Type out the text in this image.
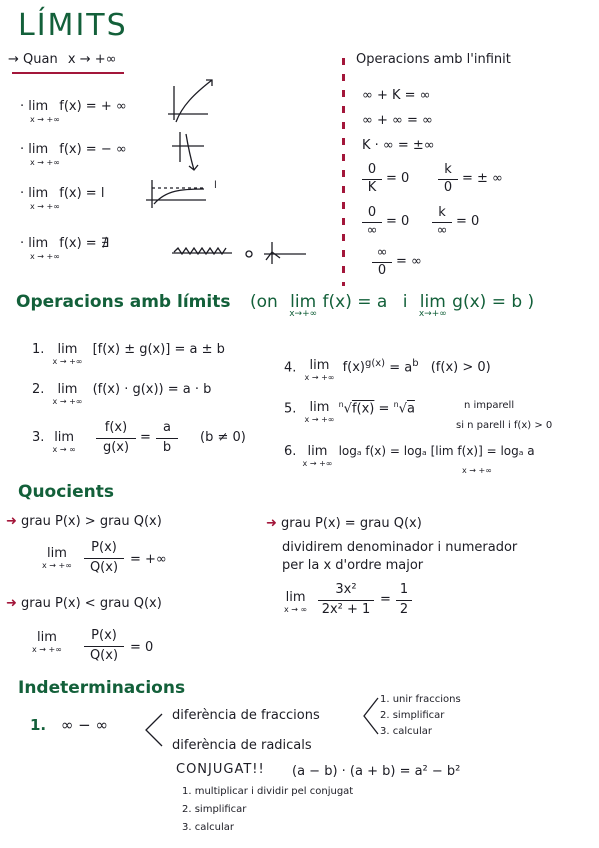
LÍMITS
→ Quan x → +∞
· lim f(x) = + ∞
x → +∞
· lim f(x) = − ∞
x → +∞
· lim f(x) = l
x → +∞
l
· lim f(x) = ∄
x → +∞
Operacions amb l'infinit
∞ + K = ∞
∞ + ∞ = ∞
K · ∞ = ±∞
0
K
= 0
k
0
= ± ∞
0
∞
= 0
k
∞
= 0
∞
0
= ∞
Operacions amb límits (on lim
x→+∞
f(x) = a i lim
x→+∞
g(x) = b )
1. lim
x → +∞
[f(x) ± g(x)] = a ± b
2. lim
x → +∞
(f(x) · g(x)) = a · b
3. lim
x → ∞
f(x)
g(x)
=
a
b
(b ≠ 0)
4. lim
x → +∞
$f(x)^{g(x)} = a^b$ (f(x) > 0)
5. lim
x → +∞
$^n$√f(x) = $^n$√a	n imparell
si n parell i f(x) > 0
6. lim
x → +∞
logₐ f(x) = logₐ [lim f(x)] = logₐ a
x → +∞
Quocients
➜ grau P(x) > grau Q(x)
lim
x → +∞
P(x)
Q(x)
= +∞
➜ grau P(x) < grau Q(x)
lim
x → +∞
P(x)
Q(x)
= 0
➜ grau P(x) = grau Q(x)
dividirem denominador i numerador
per la x d'ordre major
lim
x → ∞
3x²
2x² + 1
=
1
2
Indeterminacions
1. ∞ − ∞
diferència de fraccions
1. unir fraccions
2. simplificar
3. calcular
diferència de radicals
CONJUGAT!! (a − b) · (a + b) = a² − b²
1. multiplicar i dividir pel conjugat
2. simplificar
3. calcular
